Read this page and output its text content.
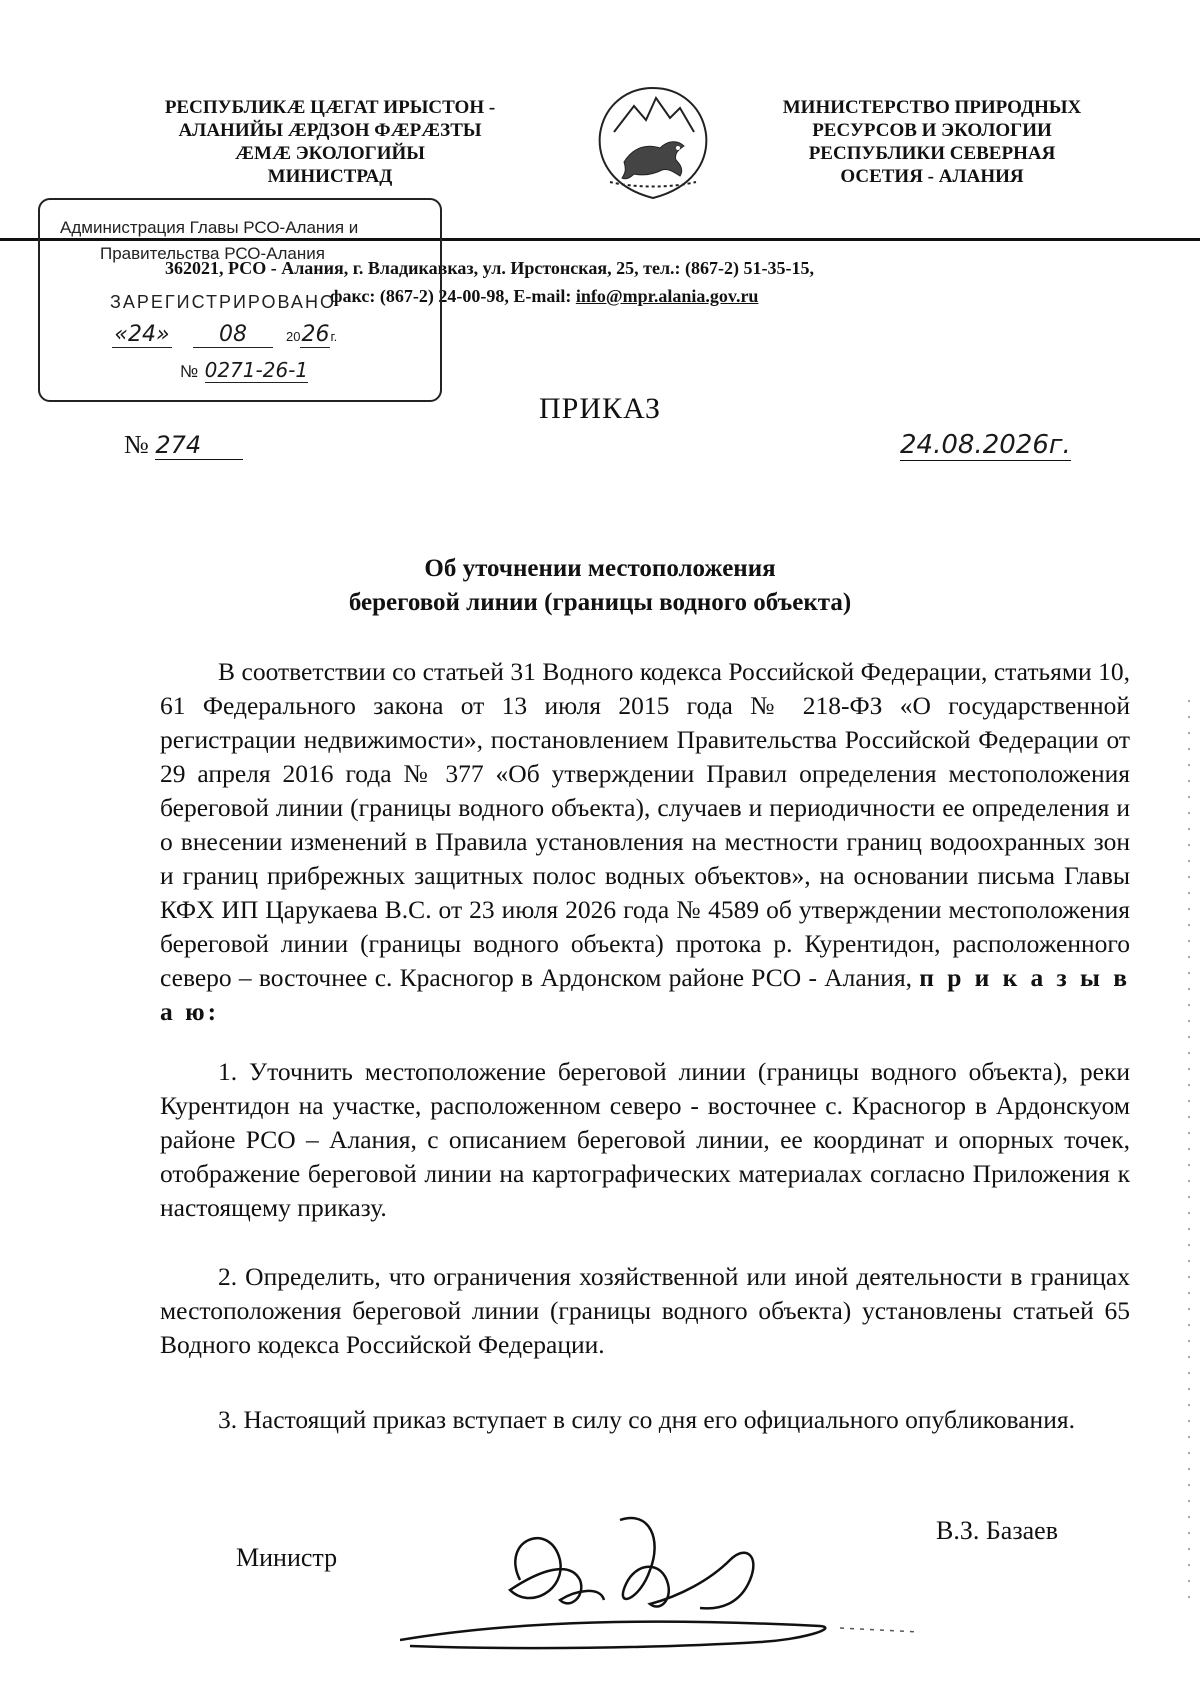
РЕСПУБЛИКÆ ЦÆГАТ ИРЫСТОН -
АЛАНИЙЫ ÆРДЗОН ФÆРÆЗТЫ
ÆМÆ ЭКОЛОГИЙЫ
МИНИСТРАД
МИНИСТЕРСТВО ПРИРОДНЫХ
РЕСУРСОВ И ЭКОЛОГИИ
РЕСПУБЛИКИ СЕВЕРНАЯ
ОСЕТИЯ - АЛАНИЯ
362021, РСО - Алания, г. Владикавказ, ул. Ирстонская, 25, тел.: (867-2) 51-35-15,
факс: (867-2) 24-00-98, E-mail: info@mpr.alania.gov.ru
Администрация Главы РСО-Алания и
Правительства РСО-Алания
ЗАРЕГИСТРИРОВАНО
«24» 08	2026г.
№ 0271-26-1
ПРИКАЗ
№ 274	24.08.2026г.
Об уточнении местоположения
береговой линии (границы водного объекта)
В соответствии со статьей 31 Водного кодекса Российской Федерации, статьями 10, 61 Федерального закона от 13 июля 2015 года № 218-ФЗ «О государственной регистрации недвижимости», постановлением Правительства Российской Федерации от 29 апреля 2016 года № 377 «Об утверждении Правил определения местоположения береговой линии (границы водного объекта), случаев и периодичности ее определения и о внесении изменений в Правила установления на местности границ водоохранных зон и границ прибрежных защитных полос водных объектов», на основании письма Главы КФХ ИП Царукаева В.С. от 23 июля 2026 года № 4589 об утверждении местоположения береговой линии (границы водного объекта) протока р. Курентидон, расположенного северо – восточнее с. Красногор в Ардонском районе РСО - Алания, п р и к а з ы в а ю:
1. Уточнить местоположение береговой линии (границы водного объекта), реки Курентидон на участке, расположенном северо - восточнее с. Красногор в Ардонскуом районе РСО – Алания, с описанием береговой линии, ее координат и опорных точек, отображение береговой линии на картографических материалах согласно Приложения к настоящему приказу.
2. Определить, что ограничения хозяйственной или иной деятельности в границах местоположения береговой линии (границы водного объекта) установлены статьей 65 Водного кодекса Российской Федерации.
3. Настоящий приказ вступает в силу со дня его официального опубликования.
Министр
В.З. Базаев
